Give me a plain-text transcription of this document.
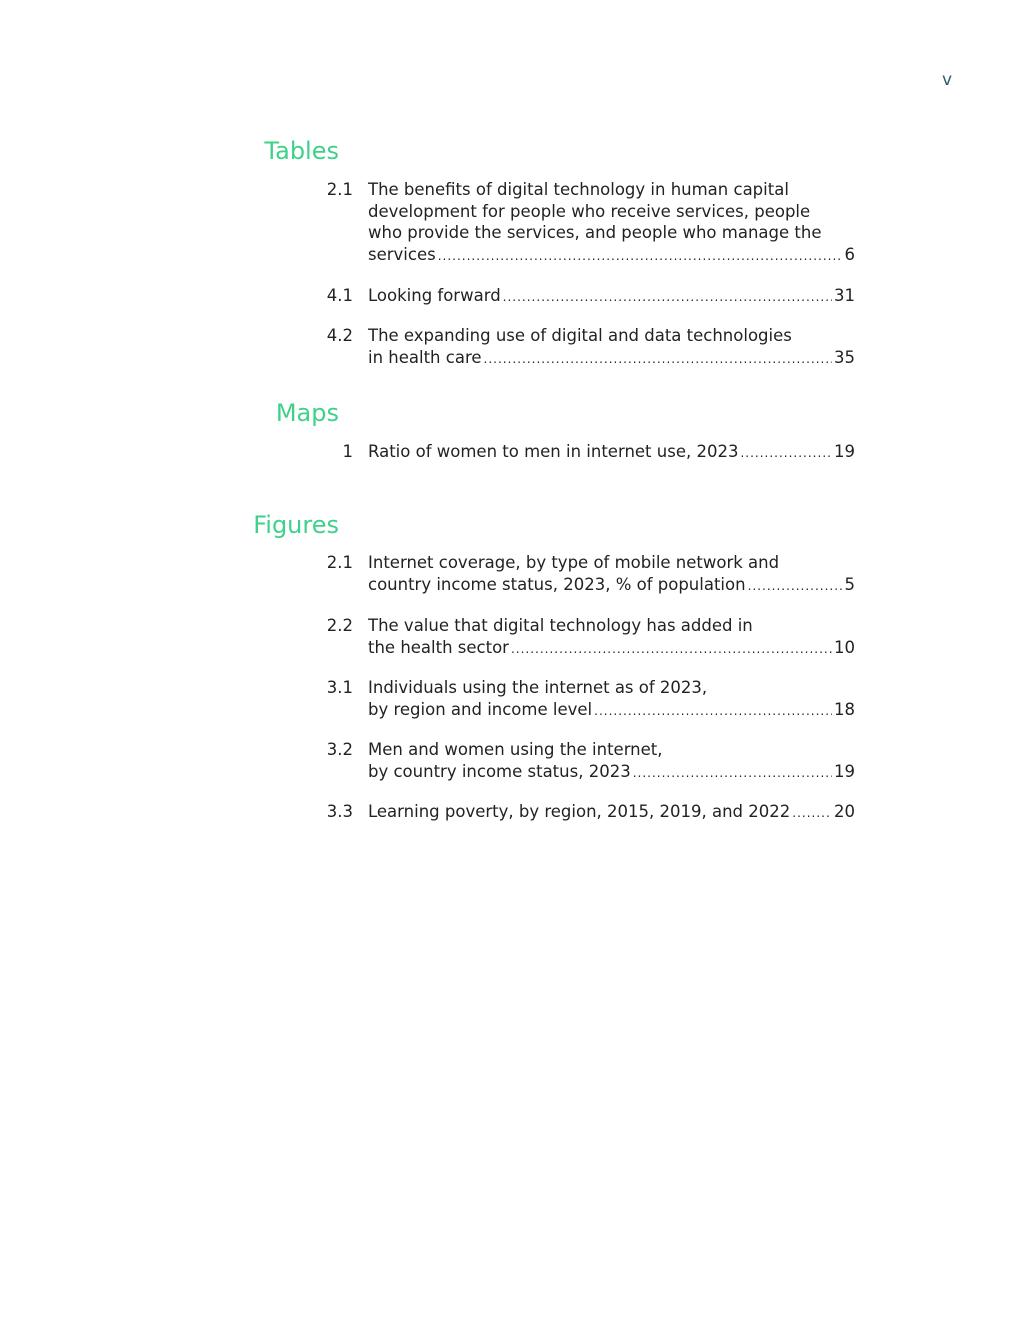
v
Tables
2.1 The benefits of digital technology in human capital
development for people who receive services, people
who provide the services, and people who manage the
services .....	6
4.1 Looking forward .....	31
4.2 The expanding use of digital and data technologies
in health care .....	35
Maps
1 Ratio of women to men in internet use, 2023 .....	19
Figures
2.1 Internet coverage, by type of mobile network and
country income status, 2023, % of population .....	5
2.2 The value that digital technology has added in
the health sector .....	10
3.1 Individuals using the internet as of 2023,
by region and income level .....	18
3.2 Men and women using the internet,
by country income status, 2023 .....	19
3.3 Learning poverty, by region, 2015, 2019, and 2022 .....	20
